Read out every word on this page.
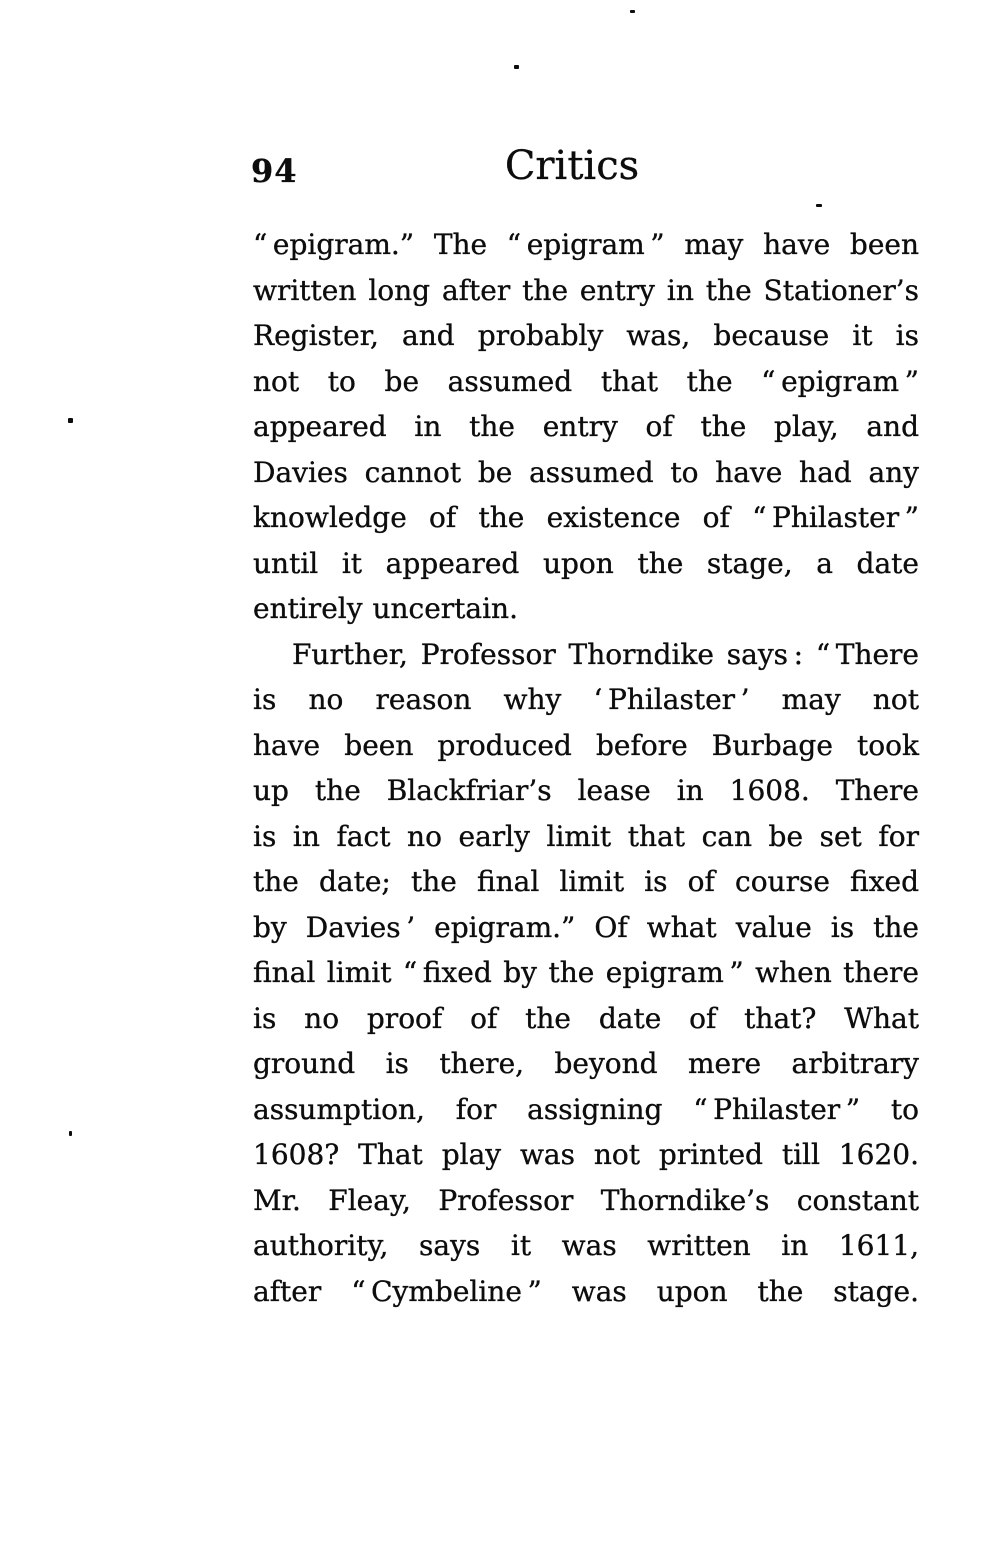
94	Critics
“ epigram.” The “ epigram ” may have been
written long after the entry in the Stationer’s
Register, and probably was, because it is
not to be assumed that the “ epigram ”
appeared in the entry of the play, and
Davies cannot be assumed to have had any
knowledge of the existence of “ Philaster ”
until it appeared upon the stage, a date
entirely uncertain.
Further, Professor Thorndike says : “ There
is no reason why ‘ Philaster ’ may not
have been produced before Burbage took
up the Blackfriar’s lease in 1608. There
is in fact no early limit that can be set for
the date; the final limit is of course fixed
by Davies ’ epigram.” Of what value is the
final limit “ fixed by the epigram ” when there
is no proof of the date of that? What
ground is there, beyond mere arbitrary
assumption, for assigning “ Philaster ” to
1608? That play was not printed till 1620.
Mr. Fleay, Professor Thorndike’s constant
authority, says it was written in 1611,
after “ Cymbeline ” was upon the stage.
